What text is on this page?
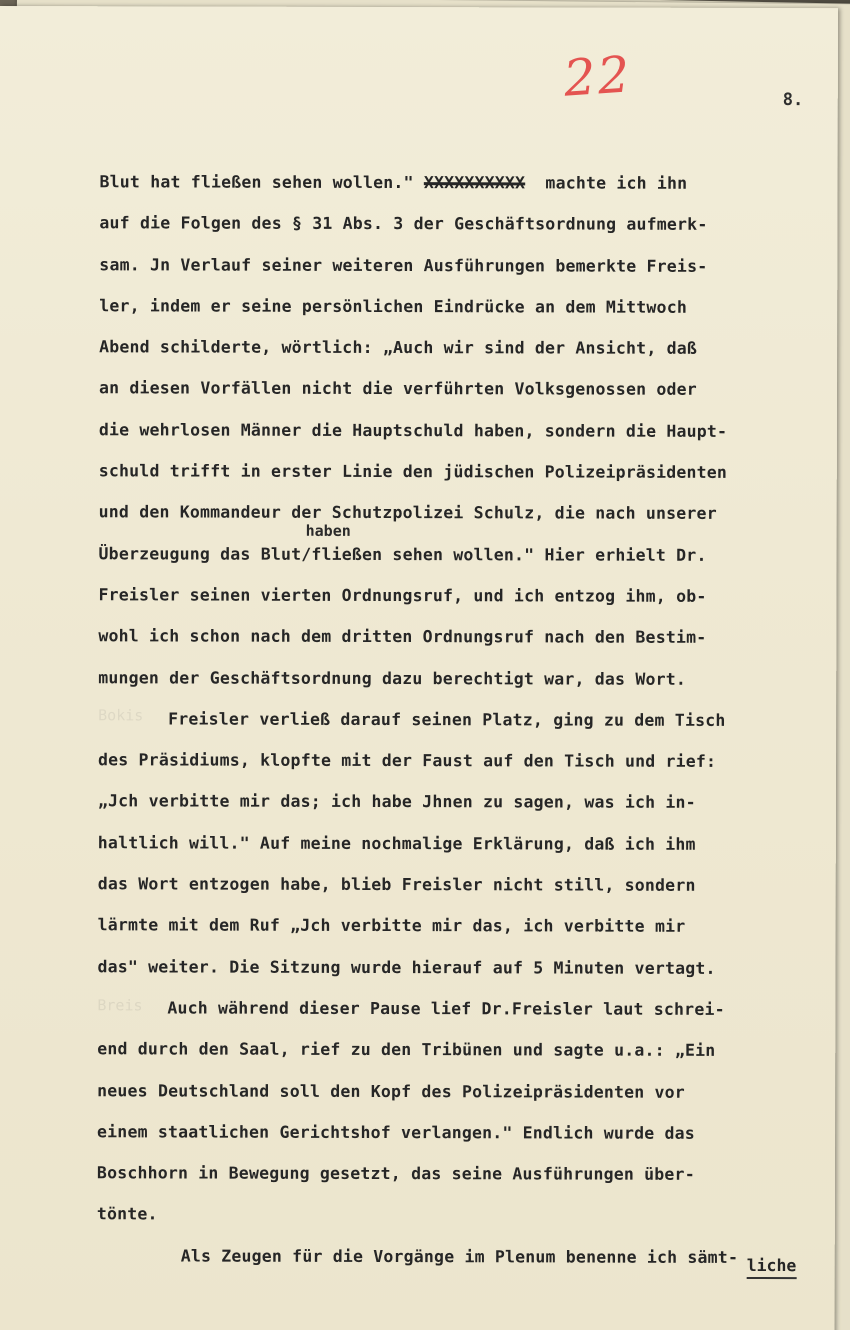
22	8.
Bokis
Breis
haben
Blut hat fließen sehen wollen." XXXXXXXXXX  machte ich ihn
auf die Folgen des § 31 Abs. 3 der Geschäftsordnung aufmerk-
sam. Jn Verlauf seiner weiteren Ausführungen bemerkte Freis-
ler, indem er seine persönlichen Eindrücke an dem Mittwoch
Abend schilderte, wörtlich: „Auch wir sind der Ansicht, daß
an diesen Vorfällen nicht die verführten Volksgenossen oder
die wehrlosen Männer die Hauptschuld haben, sondern die Haupt-
schuld trifft in erster Linie den jüdischen Polizeipräsidenten
und den Kommandeur der Schutzpolizei Schulz, die nach unserer
Überzeugung das Blut/fließen sehen wollen." Hier erhielt Dr.
Freisler seinen vierten Ordnungsruf, und ich entzog ihm, ob-
wohl ich schon nach dem dritten Ordnungsruf nach den Bestim-
mungen der Geschäftsordnung dazu berechtigt war, das Wort.
Freisler verließ darauf seinen Platz, ging zu dem Tisch
des Präsidiums, klopfte mit der Faust auf den Tisch und rief:
„Jch verbitte mir das; ich habe Jhnen zu sagen, was ich in-
haltlich will." Auf meine nochmalige Erklärung, daß ich ihm
das Wort entzogen habe, blieb Freisler nicht still, sondern
lärmte mit dem Ruf „Jch verbitte mir das, ich verbitte mir
das" weiter. Die Sitzung wurde hierauf auf 5 Minuten vertagt.
Auch während dieser Pause lief Dr.Freisler laut schrei-
end durch den Saal, rief zu den Tribünen und sagte u.a.: „Ein
neues Deutschland soll den Kopf des Polizeipräsidenten vor
einem staatlichen Gerichtshof verlangen." Endlich wurde das
Boschhorn in Bewegung gesetzt, das seine Ausführungen über-
tönte.
Als Zeugen für die Vorgänge im Plenum benenne ich sämt- liche
